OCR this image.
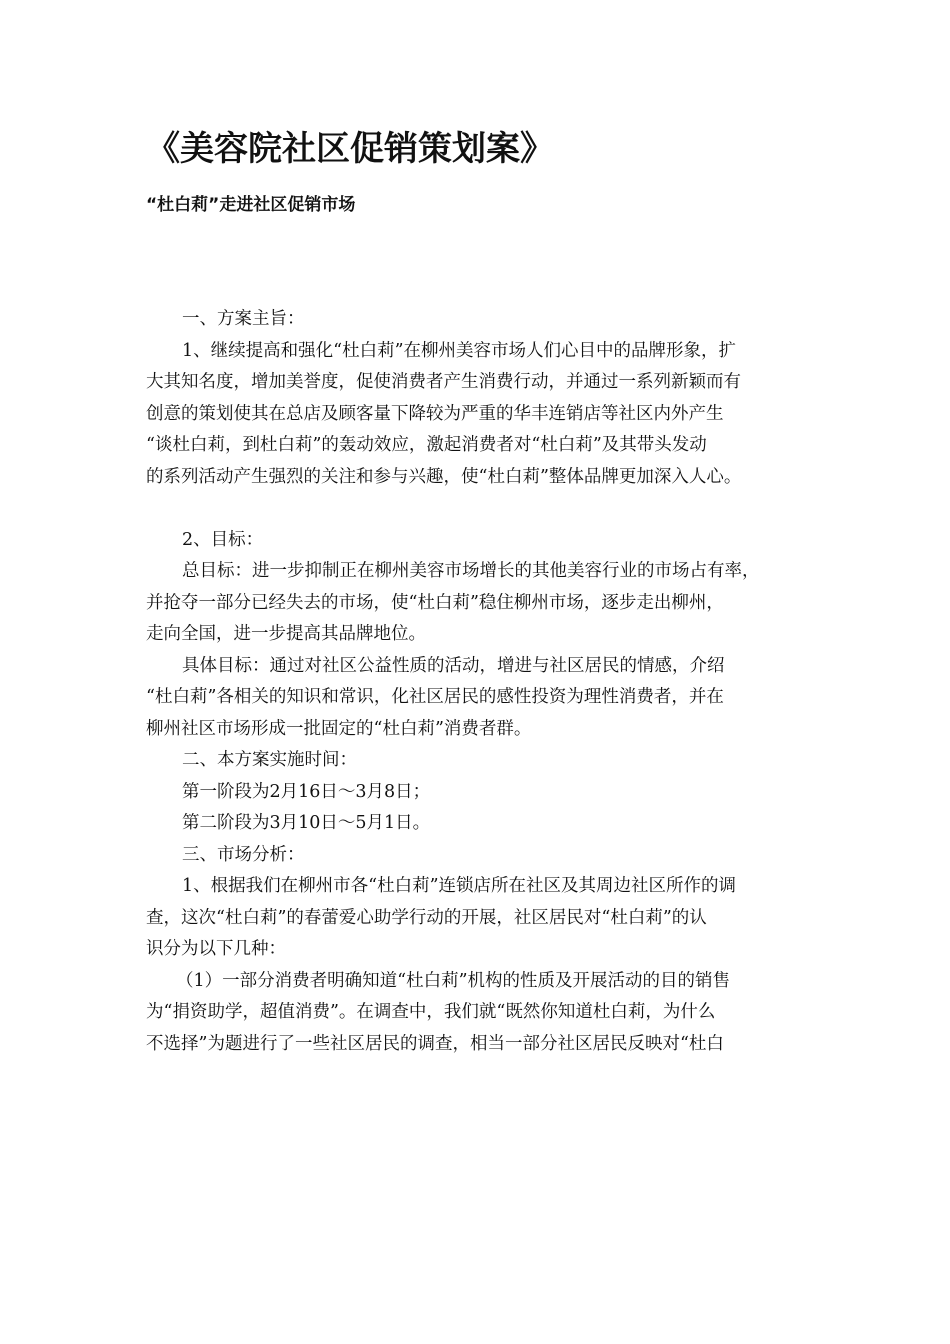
《美容院社区促销策划案》
“杜白莉”走进社区促销市场
一、方案主旨：
1、继续提高和强化“杜白莉”在柳州美容市场人们心目中的品牌形象，扩
大其知名度，增加美誉度，促使消费者产生消费行动，并通过一系列新颖而有
创意的策划使其在总店及顾客量下降较为严重的华丰连销店等社区内外产生
“谈杜白莉，到杜白莉”的轰动效应，激起消费者对“杜白莉”及其带头发动
的系列活动产生强烈的关注和参与兴趣，使“杜白莉”整体品牌更加深入人心。
2、目标：
总目标：进一步抑制正在柳州美容市场增长的其他美容行业的市场占有率，
并抢夺一部分已经失去的市场，使“杜白莉”稳住柳州市场，逐步走出柳州，
走向全国，进一步提高其品牌地位。
具体目标：通过对社区公益性质的活动，增进与社区居民的情感，介绍
“杜白莉”各相关的知识和常识，化社区居民的感性投资为理性消费者，并在
柳州社区市场形成一批固定的“杜白莉”消费者群。
二、本方案实施时间：
第一阶段为2月16日～3月8日；
第二阶段为3月10日～5月1日。
三、市场分析：
1、根据我们在柳州市各“杜白莉”连锁店所在社区及其周边社区所作的调
查，这次“杜白莉”的春蕾爱心助学行动的开展，社区居民对“杜白莉”的认
识分为以下几种：
（1）一部分消费者明确知道“杜白莉”机构的性质及开展活动的目的销售
为“捐资助学，超值消费”。在调查中，我们就“既然你知道杜白莉，为什么
不选择”为题进行了一些社区居民的调查，相当一部分社区居民反映对“杜白
